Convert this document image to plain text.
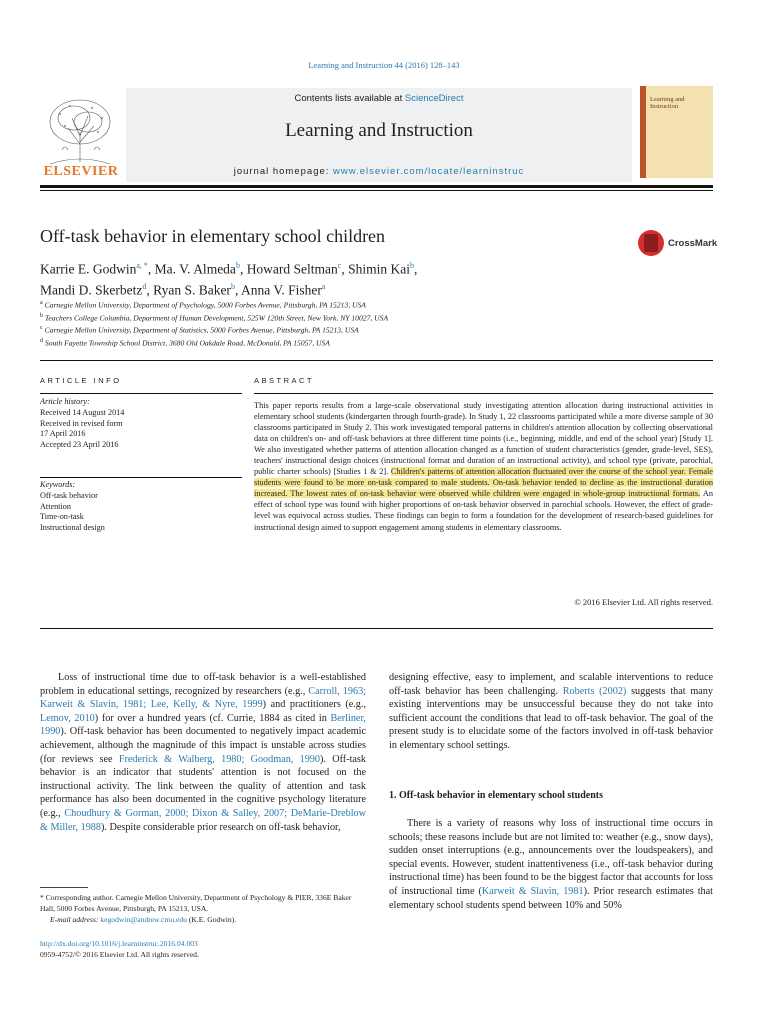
Learning and Instruction 44 (2016) 128–143
ELSEVIER
Contents lists available at ScienceDirect
Learning and Instruction
journal homepage: www.elsevier.com/locate/learninstruc
Learning and Instruction
Off-task behavior in elementary school children	CrossMark
Karrie E. Godwin$^{a, *}$, Ma. V. Almeda$^b$, Howard Seltman$^c$, Shimin Kai$^b$,
Mandi D. Skerbetz$^d$, Ryan S. Baker$^b$, Anna V. Fisher$^a$
$^a$ Carnegie Mellon University, Department of Psychology, 5000 Forbes Avenue, Pittsburgh, PA 15213, USA
$^b$ Teachers College Columbia, Department of Human Development, 525W 120th Street, New York, NY 10027, USA
$^c$ Carnegie Mellon University, Department of Statistics, 5000 Forbes Avenue, Pittsburgh, PA 15213, USA
$^d$ South Fayette Township School District, 3680 Old Oakdale Road, McDonald, PA 15057, USA
ARTICLE INFO
Article history:
Received 14 August 2014
Received in revised form
17 April 2016
Accepted 23 April 2016
Keywords:
Off-task behavior
Attention
Time-on-task
Instructional design
ABSTRACT
This paper reports results from a large-scale observational study investigating attention allocation during instructional activities in elementary school students (kindergarten through fourth-grade). In Study 1, 22 classrooms participated while a more diverse sample of 30 classrooms participated in Study 2. This work investigated temporal patterns in children's attention allocation by collecting observational data on children's on- and off-task behaviors at three different time points (i.e., beginning, middle, and end of the school year) [Study 1]. We also investigated whether patterns of attention allocation changed as a function of student characteristics (gender, grade-level, SES), teachers' instructional design choices (instructional format and duration of an instructional activity), and school type (private, parochial, public charter schools) [Studies 1 & 2]. Children's patterns of attention allocation fluctuated over the course of the school year. Female students were found to be more on-task compared to male students. On-task behavior tended to decline as the instructional duration increased. The lowest rates of on-task behavior were observed while children were engaged in whole-group instructional formats. An effect of school type was found with higher proportions of on-task behavior observed in parochial schools. However, the effect of grade-level was equivocal across studies. These findings can begin to form a foundation for the development of research-based guidelines for instructional design aimed to support engagement among students in elementary classrooms.
© 2016 Elsevier Ltd. All rights reserved.
Loss of instructional time due to off-task behavior is a well-established problem in educational settings, recognized by researchers (e.g., Carroll, 1963; Karweit & Slavin, 1981; Lee, Kelly, & Nyre, 1999) and practitioners (e.g., Lemov, 2010) for over a hundred years (cf. Currie, 1884 as cited in Berliner, 1990). Off-task behavior has been documented to negatively impact academic achievement, although the magnitude of this impact is unstable across studies (for reviews see Frederick & Walberg, 1980; Goodman, 1990). Off-task behavior is an indicator that students' attention is not focused on the instructional activity. The link between the quality of attention and task performance has also been documented in the cognitive psychology literature (e.g., Choudhury & Gorman, 2000; Dixon & Salley, 2007; DeMarie-Dreblow & Miller, 1988). Despite considerable prior research on off-task behavior,
designing effective, easy to implement, and scalable interventions to reduce off-task behavior has been challenging. Roberts (2002) suggests that many existing interventions may be unsuccessful because they do not take into sufficient account the conditions that lead to off-task behavior. The goal of the present study is to elucidate some of the factors involved in off-task behavior in elementary school settings.
1. Off-task behavior in elementary school students
There is a variety of reasons why loss of instructional time occurs in schools; these reasons include but are not limited to: weather (e.g., snow days), sudden onset interruptions (e.g., announcements over the loudspeakers), and special events. However, student inattentiveness (i.e., off-task behavior during instructional time) has been found to be the biggest factor that accounts for loss of instructional time (Karweit & Slavin, 1981). Prior research estimates that elementary school students spend between 10% and 50%
* Corresponding author. Carnegie Mellon University, Department of Psychology & PIER, 336E Baker Hall, 5000 Forbes Avenue, Pittsburgh, PA 15213, USA.
E-mail address: kegodwin@andrew.cmu.edu (K.E. Godwin).
http://dx.doi.org/10.1016/j.learninstruc.2016.04.003
0959-4752/© 2016 Elsevier Ltd. All rights reserved.
